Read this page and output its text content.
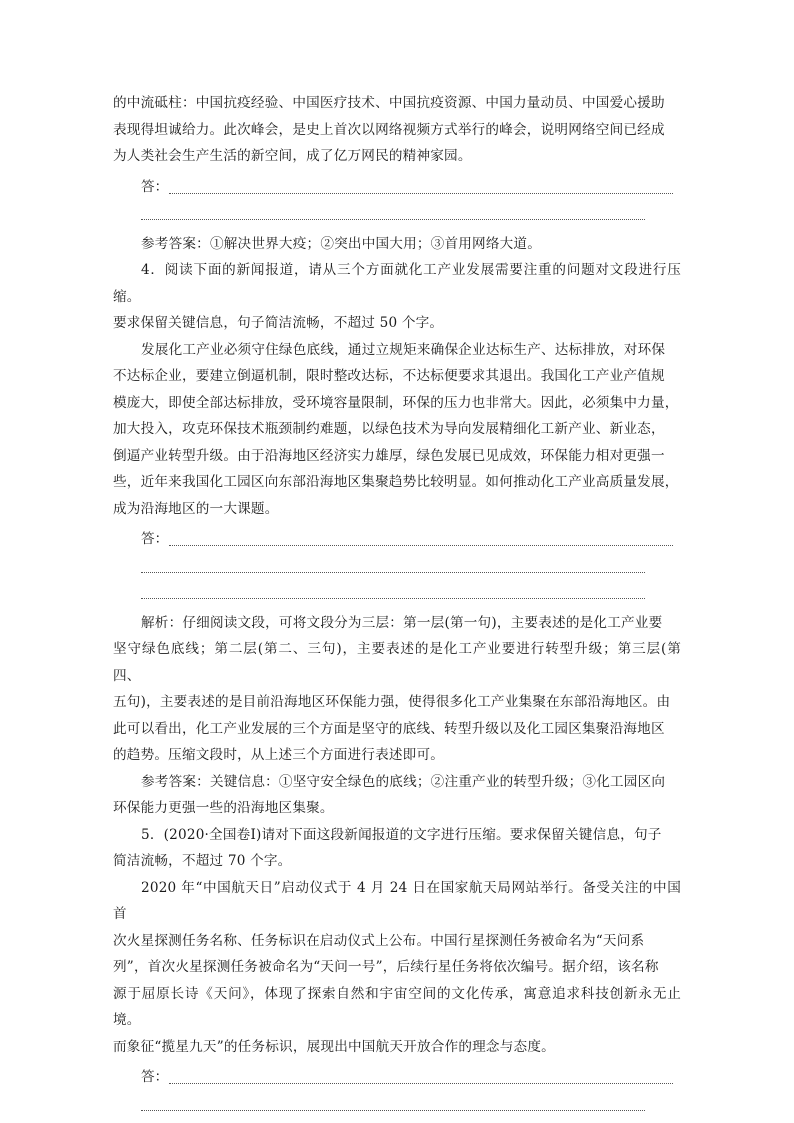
的中流砥柱：中国抗疫经验、中国医疗技术、中国抗疫资源、中国力量动员、中国爱心援助

表现得坦诚给力。此次峰会，是史上首次以网络视频方式举行的峰会，说明网络空间已经成

为人类社会生产生活的新空间，成了亿万网民的精神家园。

答：

参考答案：①解决世界大疫；②突出中国大用；③首用网络大道。

4．阅读下面的新闻报道，请从三个方面就化工产业发展需要注重的问题对文段进行压缩。

要求保留关键信息，句子简洁流畅，不超过 50 个字。

发展化工产业必须守住绿色底线，通过立规矩来确保企业达标生产、达标排放，对环保

不达标企业，要建立倒逼机制，限时整改达标，不达标便要求其退出。我国化工产业产值规

模庞大，即使全部达标排放，受环境容量限制，环保的压力也非常大。因此，必须集中力量，

加大投入，攻克环保技术瓶颈制约难题，以绿色技术为导向发展精细化工新产业、新业态，

倒逼产业转型升级。由于沿海地区经济实力雄厚，绿色发展已见成效，环保能力相对更强一

些，近年来我国化工园区向东部沿海地区集聚趋势比较明显。如何推动化工产业高质量发展，

成为沿海地区的一大课题。

答：

解析：仔细阅读文段，可将文段分为三层：第一层(第一句)，主要表述的是化工产业要

坚守绿色底线；第二层(第二、三句)，主要表述的是化工产业要进行转型升级；第三层(第四、

五句)，主要表述的是目前沿海地区环保能力强，使得很多化工产业集聚在东部沿海地区。由

此可以看出，化工产业发展的三个方面是坚守的底线、转型升级以及化工园区集聚沿海地区

的趋势。压缩文段时，从上述三个方面进行表述即可。

参考答案：关键信息：①坚守安全绿色的底线；②注重产业的转型升级；③化工园区向

环保能力更强一些的沿海地区集聚。

5．(2020·全国卷Ⅰ)请对下面这段新闻报道的文字进行压缩。要求保留关键信息，句子

简洁流畅，不超过 70 个字。

2020 年“中国航天日”启动仪式于 4 月 24 日在国家航天局网站举行。备受关注的中国首

次火星探测任务名称、任务标识在启动仪式上公布。中国行星探测任务被命名为“天问系

列”，首次火星探测任务被命名为“天问一号”，后续行星任务将依次编号。据介绍，该名称

源于屈原长诗《天问》，体现了探索自然和宇宙空间的文化传承，寓意追求科技创新永无止境。

而象征“揽星九天”的任务标识，展现出中国航天开放合作的理念与态度。

答：
